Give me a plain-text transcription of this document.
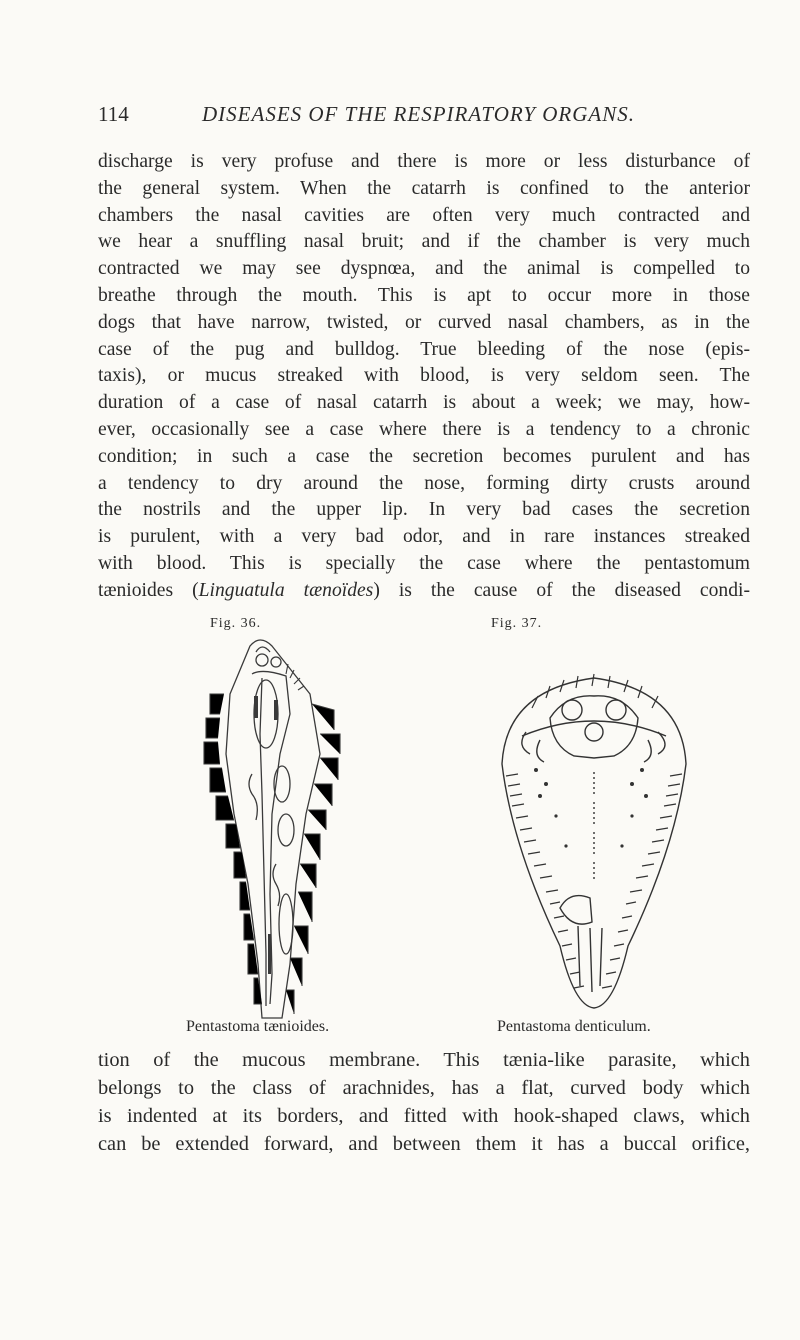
114	DISEASES OF THE RESPIRATORY ORGANS.
discharge is very profuse and there is more or less disturbance of
the general system. When the catarrh is confined to the anterior
chambers the nasal cavities are often very much contracted and
we hear a snuffling nasal bruit; and if the chamber is very much
contracted we may see dyspnœa, and the animal is compelled to
breathe through the mouth. This is apt to occur more in those
dogs that have narrow, twisted, or curved nasal chambers, as in the
case of the pug and bulldog. True bleeding of the nose (epis-
taxis), or mucus streaked with blood, is very seldom seen. The
duration of a case of nasal catarrh is about a week; we may, how-
ever, occasionally see a case where there is a tendency to a chronic
condition; in such a case the secretion becomes purulent and has
a tendency to dry around the nose, forming dirty crusts around
the nostrils and the upper lip. In very bad cases the secretion
is purulent, with a very bad odor, and in rare instances streaked
with blood. This is specially the case where the pentastomum
tænioides (Linguatula tænoïdes) is the cause of the diseased condi-
Fig. 36.
Pentastoma tænioides.
Fig. 37.
Pentastoma denticulum.
tion of the mucous membrane. This tænia-like parasite, which
belongs to the class of arachnides, has a flat, curved body which
is indented at its borders, and fitted with hook-shaped claws, which
can be extended forward, and between them it has a buccal orifice,
